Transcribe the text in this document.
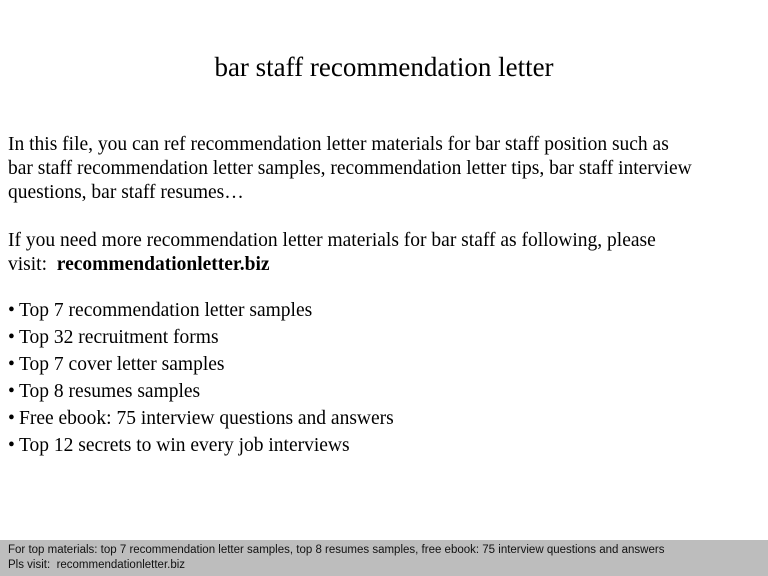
bar staff recommendation letter
In this file, you can ref recommendation letter materials for bar staff position such as
bar staff recommendation letter samples, recommendation letter tips, bar staff interview
questions, bar staff resumes…
If you need more recommendation letter materials for bar staff as following, please
visit: recommendationletter.biz
• Top 7 recommendation letter samples
• Top 32 recruitment forms
• Top 7 cover letter samples
• Top 8 resumes samples
• Free ebook: 75 interview questions and answers
• Top 12 secrets to win every job interviews
For top materials: top 7 recommendation letter samples, top 8 resumes samples, free ebook: 75 interview questions and answers
Pls visit: recommendationletter.biz
